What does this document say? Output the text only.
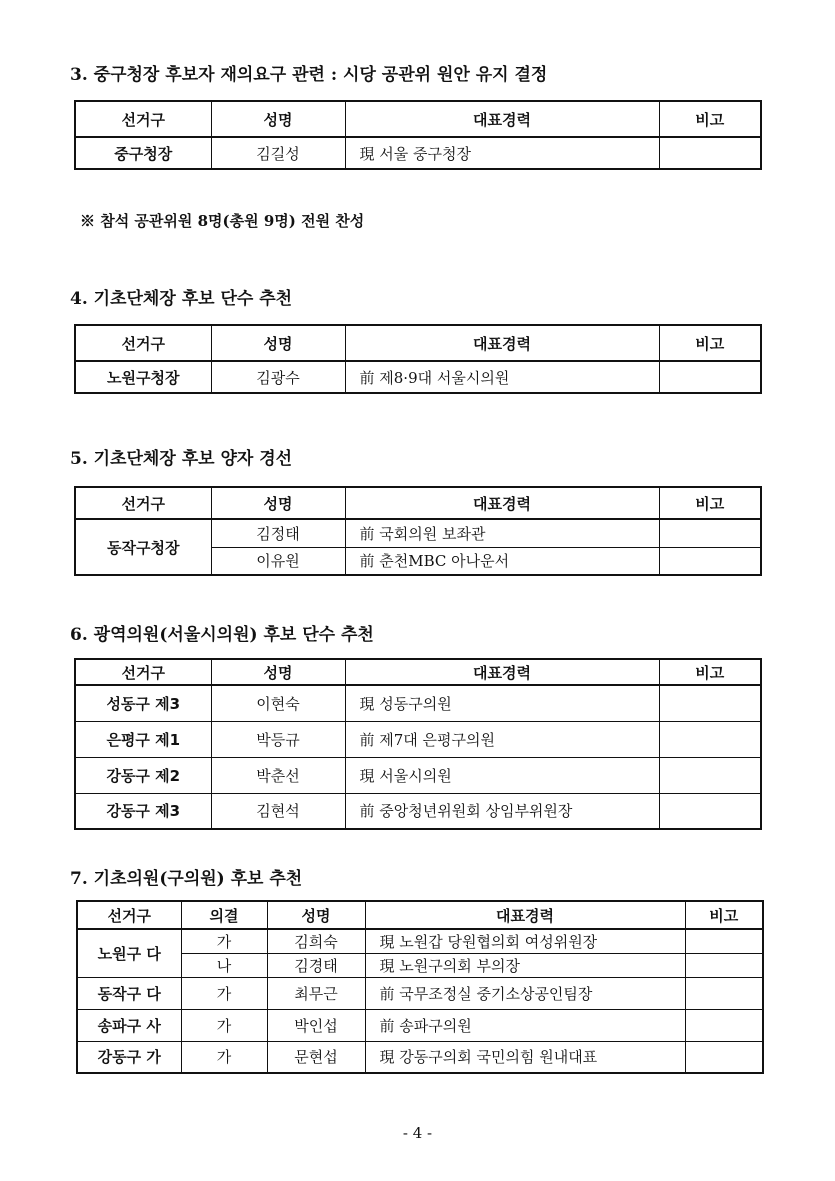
3. 중구청장 후보자 재의요구 관련 : 시당 공관위 원안 유지 결정
선거구	성명	대표경력	비고
중구청장	김길성	現 서울 중구청장	
※ 참석 공관위원 8명(총원 9명) 전원 찬성
4. 기초단체장 후보 단수 추천
선거구	성명	대표경력	비고
노원구청장	김광수	前 제8·9대 서울시의원	
5. 기초단체장 후보 양자 경선
선거구	성명	대표경력	비고
동작구청장	김정태	前 국회의원 보좌관	
	이유원	前 춘천MBC 아나운서	
6. 광역의원(서울시의원) 후보 단수 추천
선거구	성명	대표경력	비고
성동구 제3	이현숙	現 성동구의원	
은평구 제1	박등규	前 제7대 은평구의원	
강동구 제2	박춘선	現 서울시의원	
강동구 제3	김현석	前 중앙청년위원회 상임부위원장	
7. 기초의원(구의원) 후보 추천
선거구	의결	성명	대표경력	비고
노원구 다	가	김희숙	現 노원갑 당원협의회 여성위원장	
	나	김경태	現 노원구의회 부의장	
동작구 다	가	최무근	前 국무조정실 중기소상공인팀장	
송파구 사	가	박인섭	前 송파구의원	
강동구 가	가	문현섭	現 강동구의회 국민의힘 원내대표	
- 4 -
